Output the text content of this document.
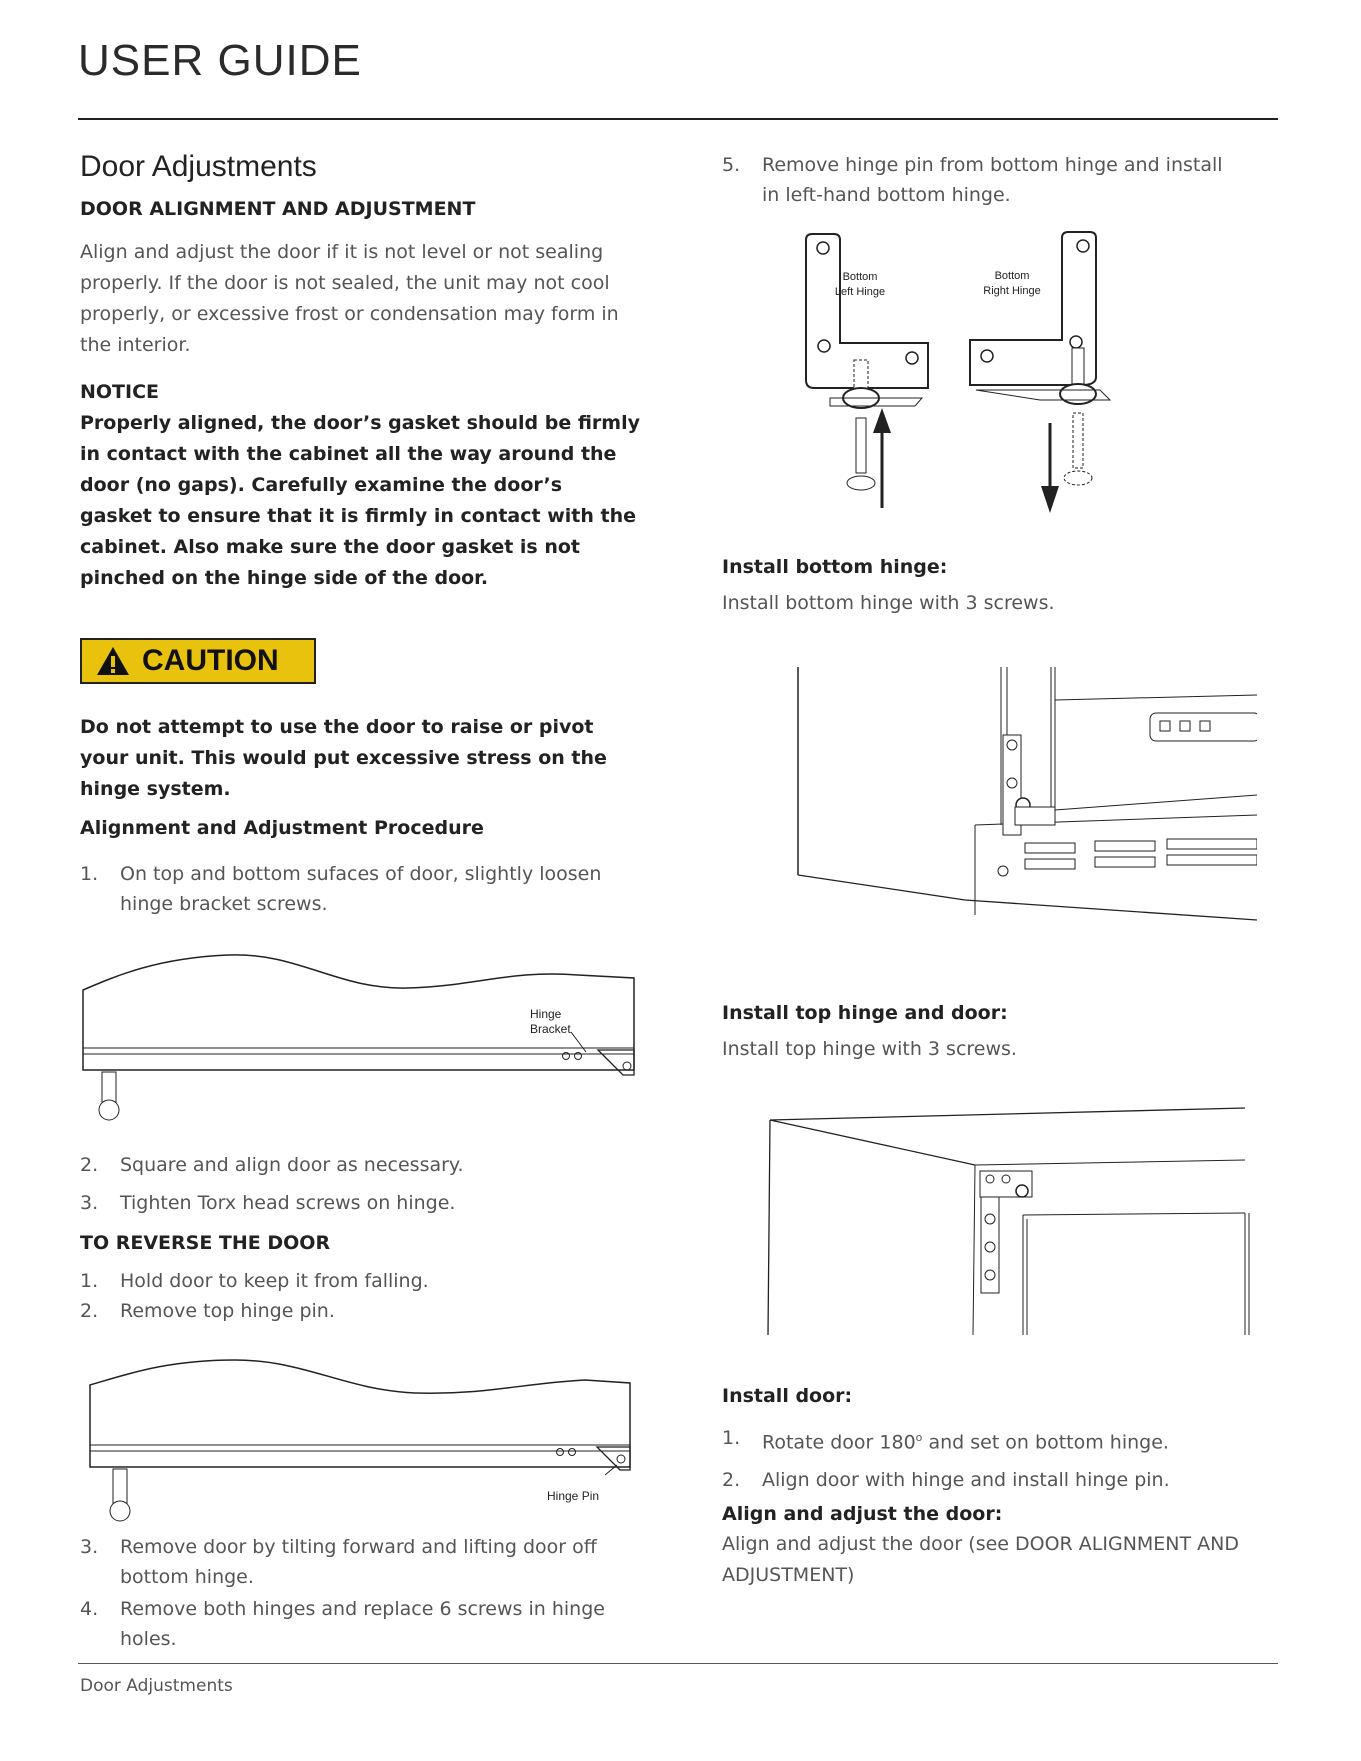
USER GUIDE
Door Adjustments

DOOR ALIGNMENT AND ADJUSTMENT

Align and adjust the door if it is not level or not sealing properly. If the door is not sealed, the unit may not cool properly, or excessive frost or condensation may form in the interior.

NOTICE

Properly aligned, the door’s gasket should be firmly in contact with the cabinet all the way around the door (no gaps). Carefully examine the door’s gasket to ensure that it is firmly in contact with the cabinet. Also make sure the door gasket is not pinched on the hinge side of the door.

CAUTION

Do not attempt to use the door to raise or pivot your unit. This would put excessive stress on the hinge system.

Alignment and Adjustment Procedure

1. On top and bottom sufaces of door, slightly loosen hinge bracket screws.
Hinge
Bracket
2. Square and align door as necessary.
3. Tighten Torx head screws on hinge.

TO REVERSE THE DOOR

1. Hold door to keep it from falling.
2. Remove top hinge pin.
Hinge Pin
3. Remove door by tilting forward and lifting door off bottom hinge.
4. Remove both hinges and replace 6 screws in hinge holes.
5. Remove hinge pin from bottom hinge and install in left-hand bottom hinge.
Bottom
Left Hinge
Bottom
Right Hinge

Install bottom hinge:

Install bottom hinge with 3 screws.

Install top hinge and door:

Install top hinge with 3 screws.

Install door:

1. Rotate door 180$^o$ and set on bottom hinge.
2. Align door with hinge and install hinge pin.

Align and adjust the door:

Align and adjust the door (see DOOR ALIGNMENT AND ADJUSTMENT)

Door Adjustments
